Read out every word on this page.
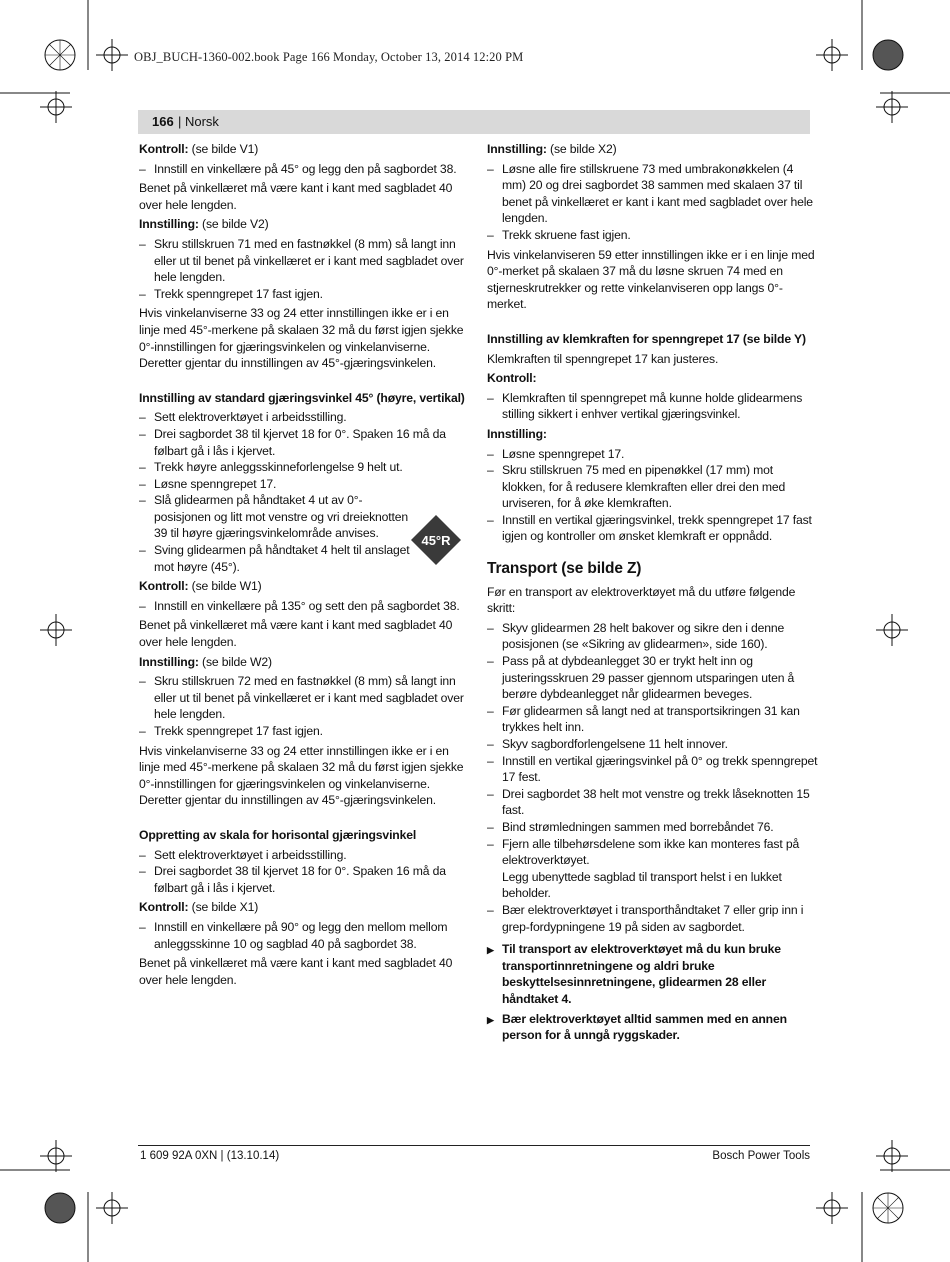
OBJ_BUCH-1360-002.book Page 166 Monday, October 13, 2014 12:20 PM
166 | Norsk

Kontroll: (se bilde V1)

– Innstill en vinkellære på 45° og legg den på sagbordet 38.

Benet på vinkellæret må være kant i kant med sagbladet 40 over hele lengden.

Innstilling: (se bilde V2)

– Skru stillskruen 71 med en fastnøkkel (8 mm) så langt inn eller ut til benet på vinkellæret er i kant med sagbladet over hele lengden.
– Trekk spenngrepet 17 fast igjen.

Hvis vinkelanviserne 33 og 24 etter innstillingen ikke er i en linje med 45°-merkene på skalaen 32 må du først igjen sjekke 0°-innstillingen for gjæringsvinkelen og vinkelanviserne. Deretter gjentar du innstillingen av 45°-gjæringsvinkelen.

Innstilling av standard gjæringsvinkel 45° (høyre, vertikal)

– Sett elektroverktøyet i arbeidsstilling.
– Drei sagbordet 38 til kjervet 18 for 0°. Spaken 16 må da følbart gå i lås i kjervet.
– Trekk høyre anleggsskinneforlengelse 9 helt ut.
– Løsne spenngrepet 17.
– Slå glidearmen på håndtaket 4 ut av 0°-posisjonen og litt mot venstre og vri dreieknotten 39 til høyre gjæringsvinkelområde anvises.
– Sving glidearmen på håndtaket 4 helt til anslaget mot høyre (45°).

Kontroll: (se bilde W1)

– Innstill en vinkellære på 135° og sett den på sagbordet 38.

Benet på vinkellæret må være kant i kant med sagbladet 40 over hele lengden.

Innstilling: (se bilde W2)

– Skru stillskruen 72 med en fastnøkkel (8 mm) så langt inn eller ut til benet på vinkellæret er i kant med sagbladet over hele lengden.
– Trekk spenngrepet 17 fast igjen.

Hvis vinkelanviserne 33 og 24 etter innstillingen ikke er i en linje med 45°-merkene på skalaen 32 må du først igjen sjekke 0°-innstillingen for gjæringsvinkelen og vinkelanviserne. Deretter gjentar du innstillingen av 45°-gjæringsvinkelen.

Oppretting av skala for horisontal gjæringsvinkel

– Sett elektroverktøyet i arbeidsstilling.
– Drei sagbordet 38 til kjervet 18 for 0°. Spaken 16 må da følbart gå i lås i kjervet.

Kontroll: (se bilde X1)

– Innstill en vinkellære på 90° og legg den mellom mellom anleggsskinne 10 og sagblad 40 på sagbordet 38.

Benet på vinkellæret må være kant i kant med sagbladet 40 over hele lengden.

45°R

Innstilling: (se bilde X2)

– Løsne alle fire stillskruene 73 med umbrakonøkkelen (4 mm) 20 og drei sagbordet 38 sammen med skalaen 37 til benet på vinkellæret er kant i kant med sagbladet over hele lengden.
– Trekk skruene fast igjen.

Hvis vinkelanviseren 59 etter innstillingen ikke er i en linje med 0°-merket på skalaen 37 må du løsne skruen 74 med en stjerneskrutrekker og rette vinkelanviseren opp langs 0°-merket.

Innstilling av klemkraften for spenngrepet 17 (se bilde Y)

Klemkraften til spenngrepet 17 kan justeres.

Kontroll:

– Klemkraften til spenngrepet må kunne holde glidearmens stilling sikkert i enhver vertikal gjæringsvinkel.

Innstilling:

– Løsne spenngrepet 17.
– Skru stillskruen 75 med en pipenøkkel (17 mm) mot klokken, for å redusere klemkraften eller drei den med urviseren, for å øke klemkraften.
– Innstill en vertikal gjæringsvinkel, trekk spenngrepet 17 fast igjen og kontroller om ønsket klemkraft er oppnådd.

Transport (se bilde Z)

Før en transport av elektroverktøyet må du utføre følgende skritt:

– Skyv glidearmen 28 helt bakover og sikre den i denne posisjonen (se «Sikring av glidearmen», side 160).
– Pass på at dybdeanlegget 30 er trykt helt inn og justeringsskruen 29 passer gjennom utsparingen uten å berøre dybdeanlegget når glidearmen beveges.
– Før glidearmen så langt ned at transportsikringen 31 kan trykkes helt inn.
– Skyv sagbordforlengelsene 11 helt innover.
– Innstill en vertikal gjæringsvinkel på 0° og trekk spenngrepet 17 fest.
– Drei sagbordet 38 helt mot venstre og trekk låseknotten 15 fast.
– Bind strømledningen sammen med borrebåndet 76.
– Fjern alle tilbehørsdelene som ikke kan monteres fast på elektroverktøyet.
Legg ubenyttede sagblad til transport helst i en lukket beholder.
– Bær elektroverktøyet i transporthåndtaket 7 eller grip inn i grep-fordypningene 19 på siden av sagbordet.
▶ Til transport av elektroverktøyet må du kun bruke transportinnretningene og aldri bruke beskyttelsesinnretningene, glidearmen 28 eller håndtaket 4.
▶ Bær elektroverktøyet alltid sammen med en annen person for å unngå ryggskader.
1 609 92A 0XN | (13.10.14)	Bosch Power Tools
